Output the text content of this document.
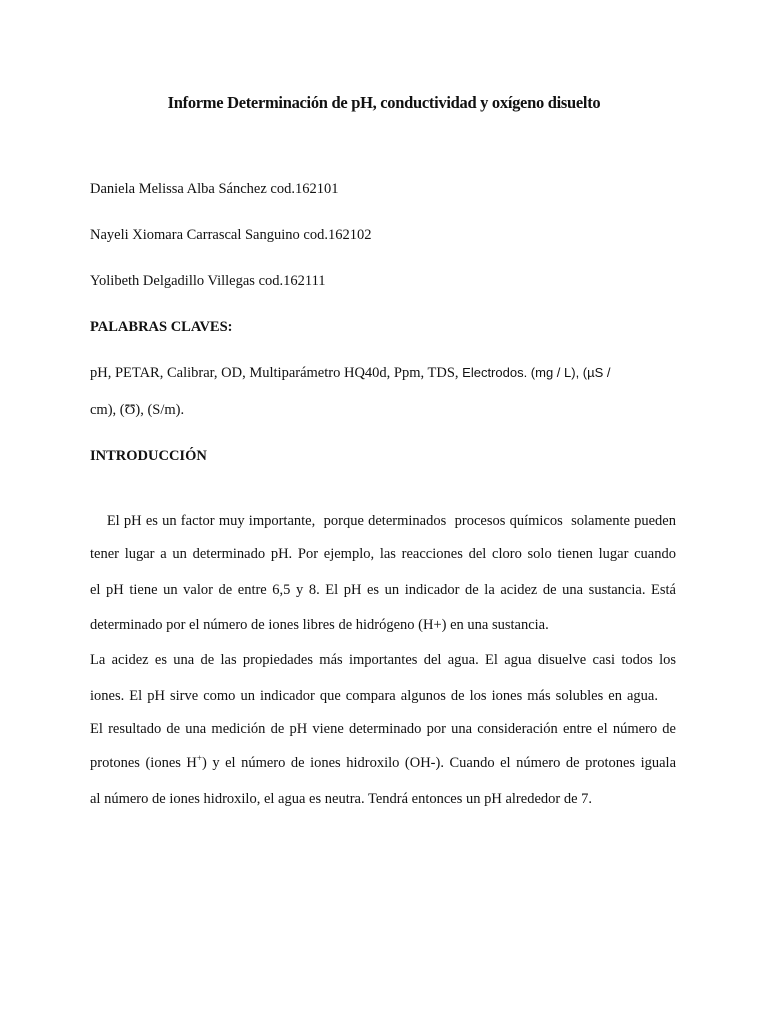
Informe Determinación de pH, conductividad y oxígeno disuelto
Daniela Melissa Alba Sánchez cod.162101
Nayeli Xiomara Carrascal Sanguino cod.162102
Yolibeth Delgadillo Villegas cod.162111
PALABRAS CLAVES:
pH, PETAR, Calibrar, OD, Multiparámetro HQ40d, Ppm, TDS, Electrodos. (mg / L), (µS /
cm), (Ʊ), (S/m).
INTRODUCCIÓN
El pH es un factor muy importante,  porque determinados  procesos químicos  solamente pueden
tener lugar a un determinado pH. Por ejemplo, las reacciones del cloro solo tienen lugar cuando
el pH tiene un valor de entre 6,5 y 8. El pH es un indicador de la acidez de una sustancia. Está
determinado por el número de iones libres de hidrógeno (H+) en una sustancia.
La acidez es una de las propiedades más importantes del agua. El agua disuelve casi todos los
iones. El pH sirve como un indicador que compara algunos de los iones más solubles en agua.
El resultado de una medición de pH viene determinado por una consideración entre el número de
protones (iones H+) y el número de iones hidroxilo (OH-). Cuando el número de protones iguala
al número de iones hidroxilo, el agua es neutra. Tendrá entonces un pH alrededor de 7.
